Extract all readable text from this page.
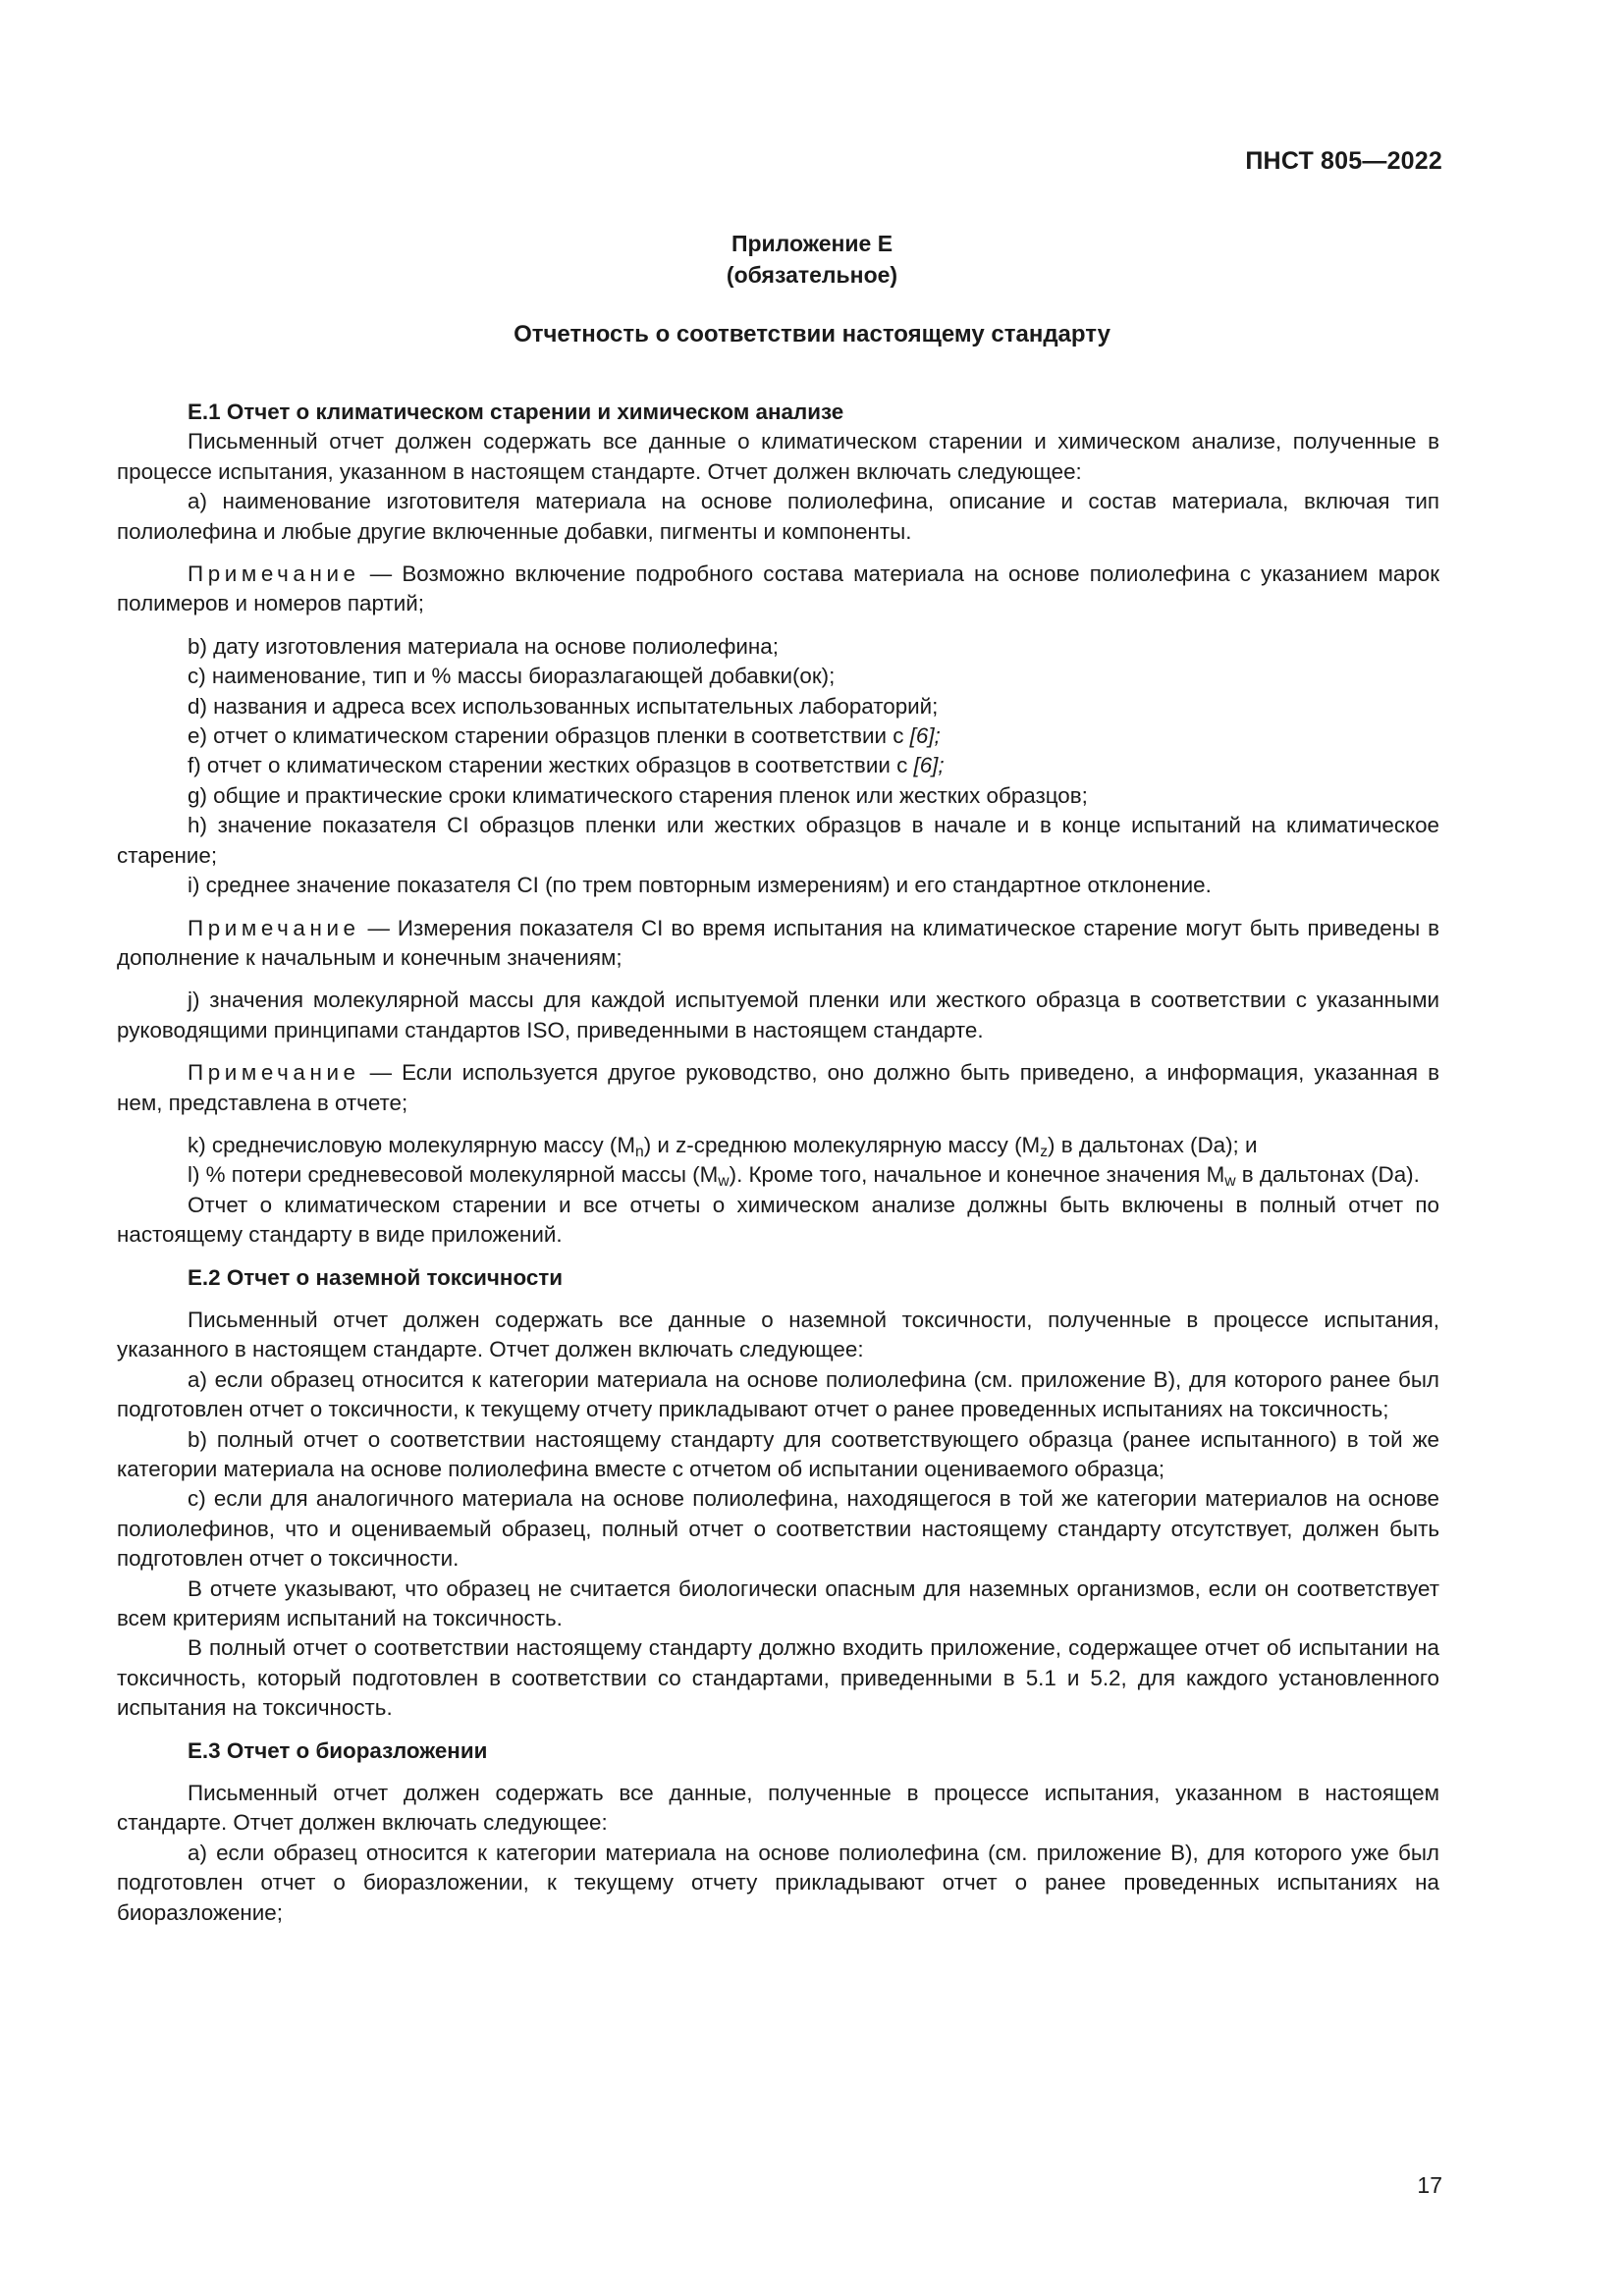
ПНСТ 805—2022
Приложение Е
(обязательное)
Отчетность о соответствии настоящему стандарту
Е.1 Отчет о климатическом старении и химическом анализе

Письменный отчет должен содержать все данные о климатическом старении и химическом анализе, полученные в процессе испытания, указанном в настоящем стандарте. Отчет должен включать следующее:

a) наименование изготовителя материала на основе полиолефина, описание и состав материала, включая тип полиолефина и любые другие включенные добавки, пигменты и компоненты.

Примечание — Возможно включение подробного состава материала на основе полиолефина с указанием марок полимеров и номеров партий;

b) дату изготовления материала на основе полиолефина;

c) наименование, тип и % массы биоразлагающей добавки(ок);

d) названия и адреса всех использованных испытательных лабораторий;

e) отчет о климатическом старении образцов пленки в соответствии с [6];

f) отчет о климатическом старении жестких образцов в соответствии с [6];

g) общие и практические сроки климатического старения пленок или жестких образцов;

h) значение показателя CI образцов пленки или жестких образцов в начале и в конце испытаний на климатическое старение;

i) среднее значение показателя CI (по трем повторным измерениям) и его стандартное отклонение.

Примечание — Измерения показателя CI во время испытания на климатическое старение могут быть приведены в дополнение к начальным и конечным значениям;

j) значения молекулярной массы для каждой испытуемой пленки или жесткого образца в соответствии с указанными руководящими принципами стандартов ISO, приведенными в настоящем стандарте.

Примечание — Если используется другое руководство, оно должно быть приведено, а информация, указанная в нем, представлена в отчете;

k) среднечисловую молекулярную массу $(M_n)$ и z-среднюю молекулярную массу $(M_z)$ в дальтонах (Da); и

l) % потери средневесовой молекулярной массы $(M_w)$. Кроме того, начальное и конечное значения $M_w$ в дальтонах (Da).

Отчет о климатическом старении и все отчеты о химическом анализе должны быть включены в полный отчет по настоящему стандарту в виде приложений.

Е.2 Отчет о наземной токсичности

Письменный отчет должен содержать все данные о наземной токсичности, полученные в процессе испытания, указанного в настоящем стандарте. Отчет должен включать следующее:

a) если образец относится к категории материала на основе полиолефина (см. приложение B), для которого ранее был подготовлен отчет о токсичности, к текущему отчету прикладывают отчет о ранее проведенных испытаниях на токсичность;

b) полный отчет о соответствии настоящему стандарту для соответствующего образца (ранее испытанного) в той же категории материала на основе полиолефина вместе с отчетом об испытании оцениваемого образца;

c) если для аналогичного материала на основе полиолефина, находящегося в той же категории материалов на основе полиолефинов, что и оцениваемый образец, полный отчет о соответствии настоящему стандарту отсутствует, должен быть подготовлен отчет о токсичности.

В отчете указывают, что образец не считается биологически опасным для наземных организмов, если он соответствует всем критериям испытаний на токсичность.

В полный отчет о соответствии настоящему стандарту должно входить приложение, содержащее отчет об испытании на токсичность, который подготовлен в соответствии со стандартами, приведенными в 5.1 и 5.2, для каждого установленного испытания на токсичность.

Е.3 Отчет о биоразложении

Письменный отчет должен содержать все данные, полученные в процессе испытания, указанном в настоящем стандарте. Отчет должен включать следующее:

a) если образец относится к категории материала на основе полиолефина (см. приложение B), для которого уже был подготовлен отчет о биоразложении, к текущему отчету прикладывают отчет о ранее проведенных испытаниях на биоразложение;

17
